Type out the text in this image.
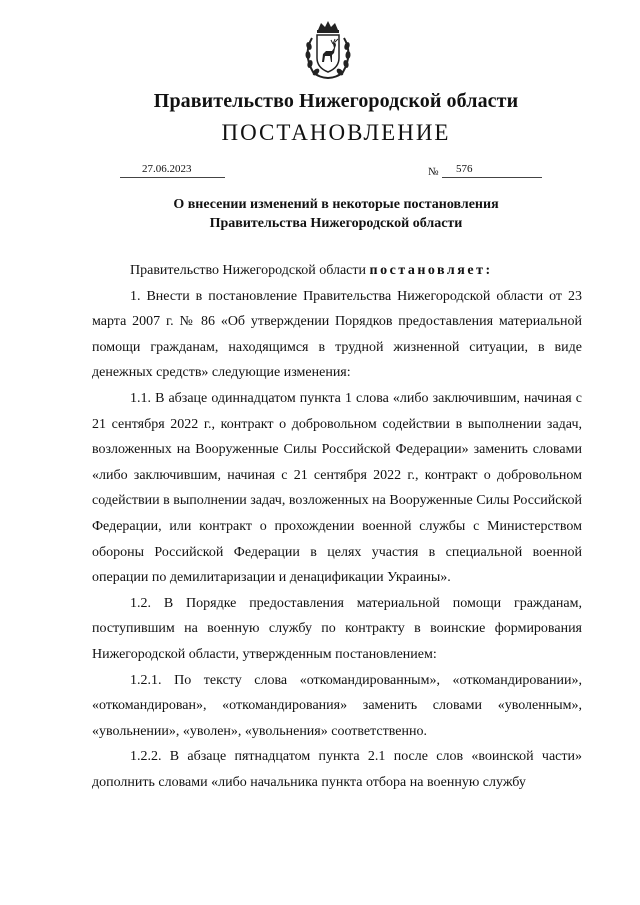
Правительство Нижегородской области
ПОСТАНОВЛЕНИЕ
27.06.2023	№	576
О внесении изменений в некоторые постановления
Правительства Нижегородской области

Правительство Нижегородской области постановляет:

1. Внести в постановление Правительства Нижегородской области от 23 марта 2007 г. № 86 «Об утверждении Порядков предоставления материальной помощи гражданам, находящимся в трудной жизненной ситуации, в виде денежных средств» следующие изменения:

1.1. В абзаце одиннадцатом пункта 1 слова «либо заключившим, начиная с 21 сентября 2022 г., контракт о добровольном содействии в выполнении задач, возложенных на Вооруженные Силы Российской Федерации» заменить словами «либо заключившим, начиная с 21 сентября 2022 г., контракт о добровольном содействии в выполнении задач, возложенных на Вооруженные Силы Российской Федерации, или контракт о прохождении военной службы с Министерством обороны Российской Федерации в целях участия в специальной военной операции по демилитаризации и денацификации Украины».

1.2. В Порядке предоставления материальной помощи гражданам, поступившим на военную службу по контракту в воинские формирования Нижегородской области, утвержденным постановлением:

1.2.1. По тексту слова «откомандированным», «откомандировании», «откомандирован», «откомандирования» заменить словами «уволенным», «увольнении», «уволен», «увольнения» соответственно.

1.2.2. В абзаце пятнадцатом пункта 2.1 после слов «воинской части» дополнить словами «либо начальника пункта отбора на военную службу
